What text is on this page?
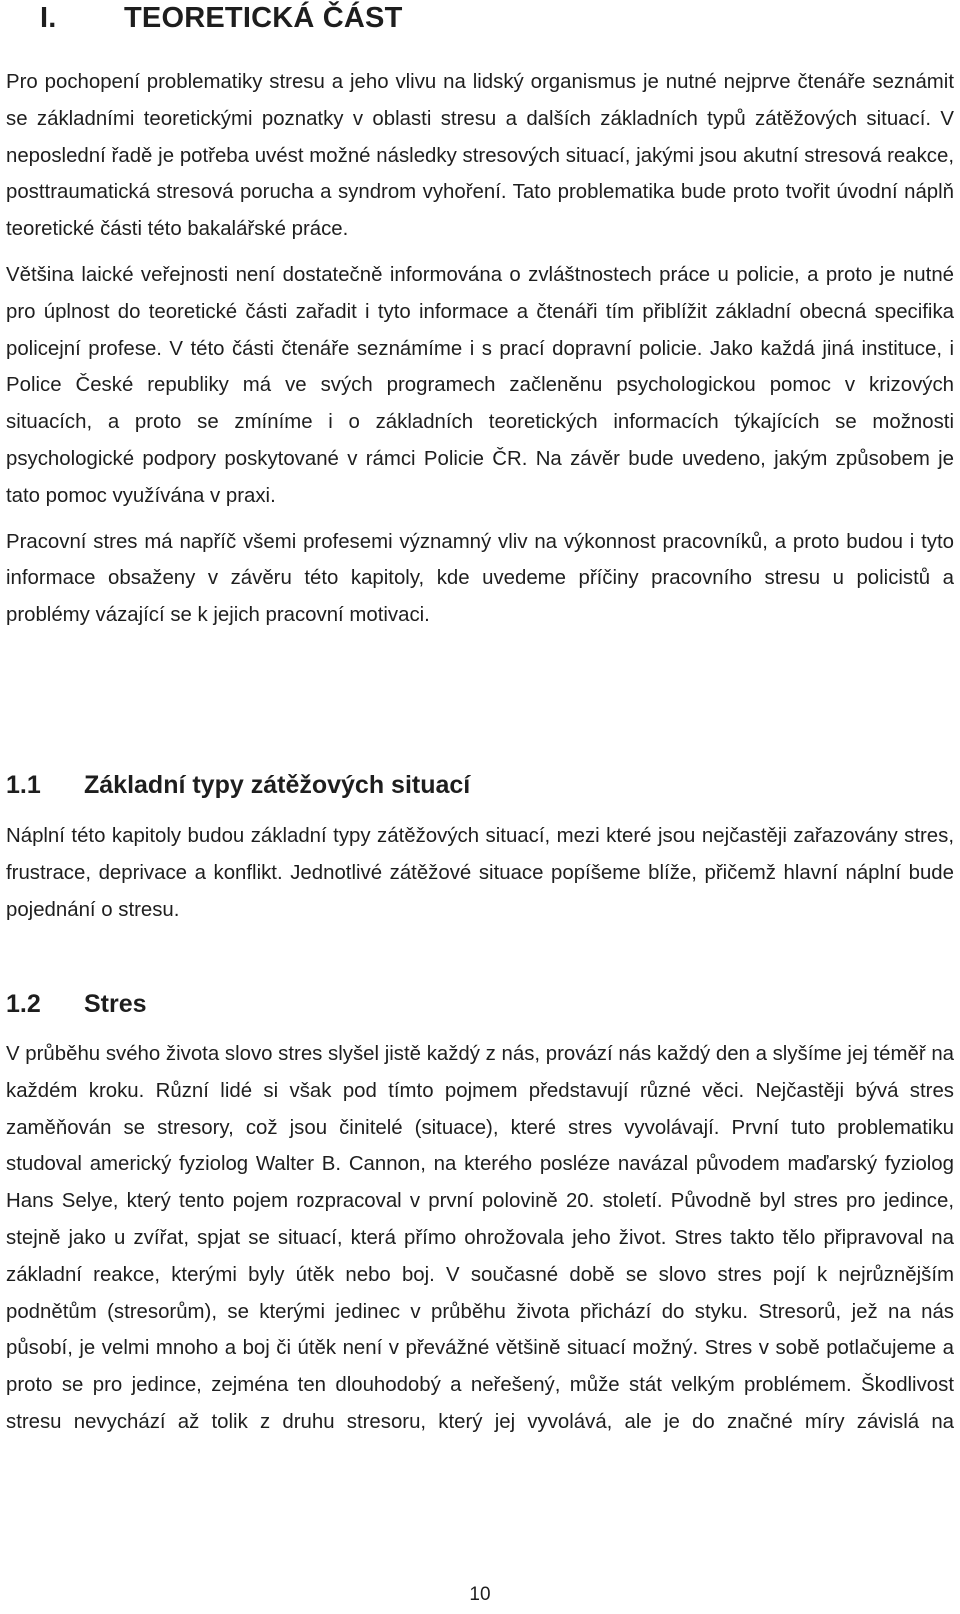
I. TEORETICKÁ ČÁST

Pro pochopení problematiky stresu a jeho vlivu na lidský organismus je nutné nejprve čtenáře seznámit se základními teoretickými poznatky v oblasti stresu a dalších základních typů zátěžových situací. V neposlední řadě je potřeba uvést možné následky stresových situací, jakými jsou akutní stresová reakce, posttraumatická stresová porucha a syndrom vyhoření. Tato problematika bude proto tvořit úvodní náplň teoretické části této bakalářské práce.

Většina laické veřejnosti není dostatečně informována o zvláštnostech práce u policie, a proto je nutné pro úplnost do teoretické části zařadit i tyto informace a čtenáři tím přiblížit základní obecná specifika policejní profese. V této části čtenáře seznámíme i s prací dopravní policie. Jako každá jiná instituce, i Police České republiky má ve svých programech začleněnu psychologickou pomoc v krizových situacích, a proto se zmíníme i o základních teoretických informacích týkajících se možnosti psychologické podpory poskytované v rámci Policie ČR. Na závěr bude uvedeno, jakým způsobem je tato pomoc využívána v praxi.

Pracovní stres má napříč všemi profesemi významný vliv na výkonnost pracovníků, a proto budou i tyto informace obsaženy v závěru této kapitoly, kde uvedeme příčiny pracovního stresu u policistů a problémy vázající se k jejich pracovní motivaci.

1.1 Základní typy zátěžových situací

Náplní této kapitoly budou základní typy zátěžových situací, mezi které jsou nejčastěji zařazovány stres, frustrace, deprivace a konflikt. Jednotlivé zátěžové situace popíšeme blíže, přičemž hlavní náplní bude pojednání o stresu.

1.2 Stres

V průběhu svého života slovo stres slyšel jistě každý z nás, provází nás každý den a slyšíme jej téměř na každém kroku. Různí lidé si však pod tímto pojmem představují různé věci. Nejčastěji bývá stres zaměňován se stresory, což jsou činitelé (situace), které stres vyvolávají. První tuto problematiku studoval americký fyziolog Walter B. Cannon, na kterého posléze navázal původem maďarský fyziolog Hans Selye, který tento pojem rozpracoval v první polovině 20. století. Původně byl stres pro jedince, stejně jako u zvířat, spjat se situací, která přímo ohrožovala jeho život. Stres takto tělo připravoval na základní reakce, kterými byly útěk nebo boj. V současné době se slovo stres pojí k nejrůznějším podnětům (stresorům), se kterými jedinec v průběhu života přichází do styku. Stresorů, jež na nás působí, je velmi mnoho a boj či útěk není v převážné většině situací možný. Stres v sobě potlačujeme a proto se pro jedince, zejména ten dlouhodobý a neřešený, může stát velkým problémem. Škodlivost stresu nevychází až tolik z druhu stresoru, který jej vyvolává, ale je do značné míry závislá na

10
